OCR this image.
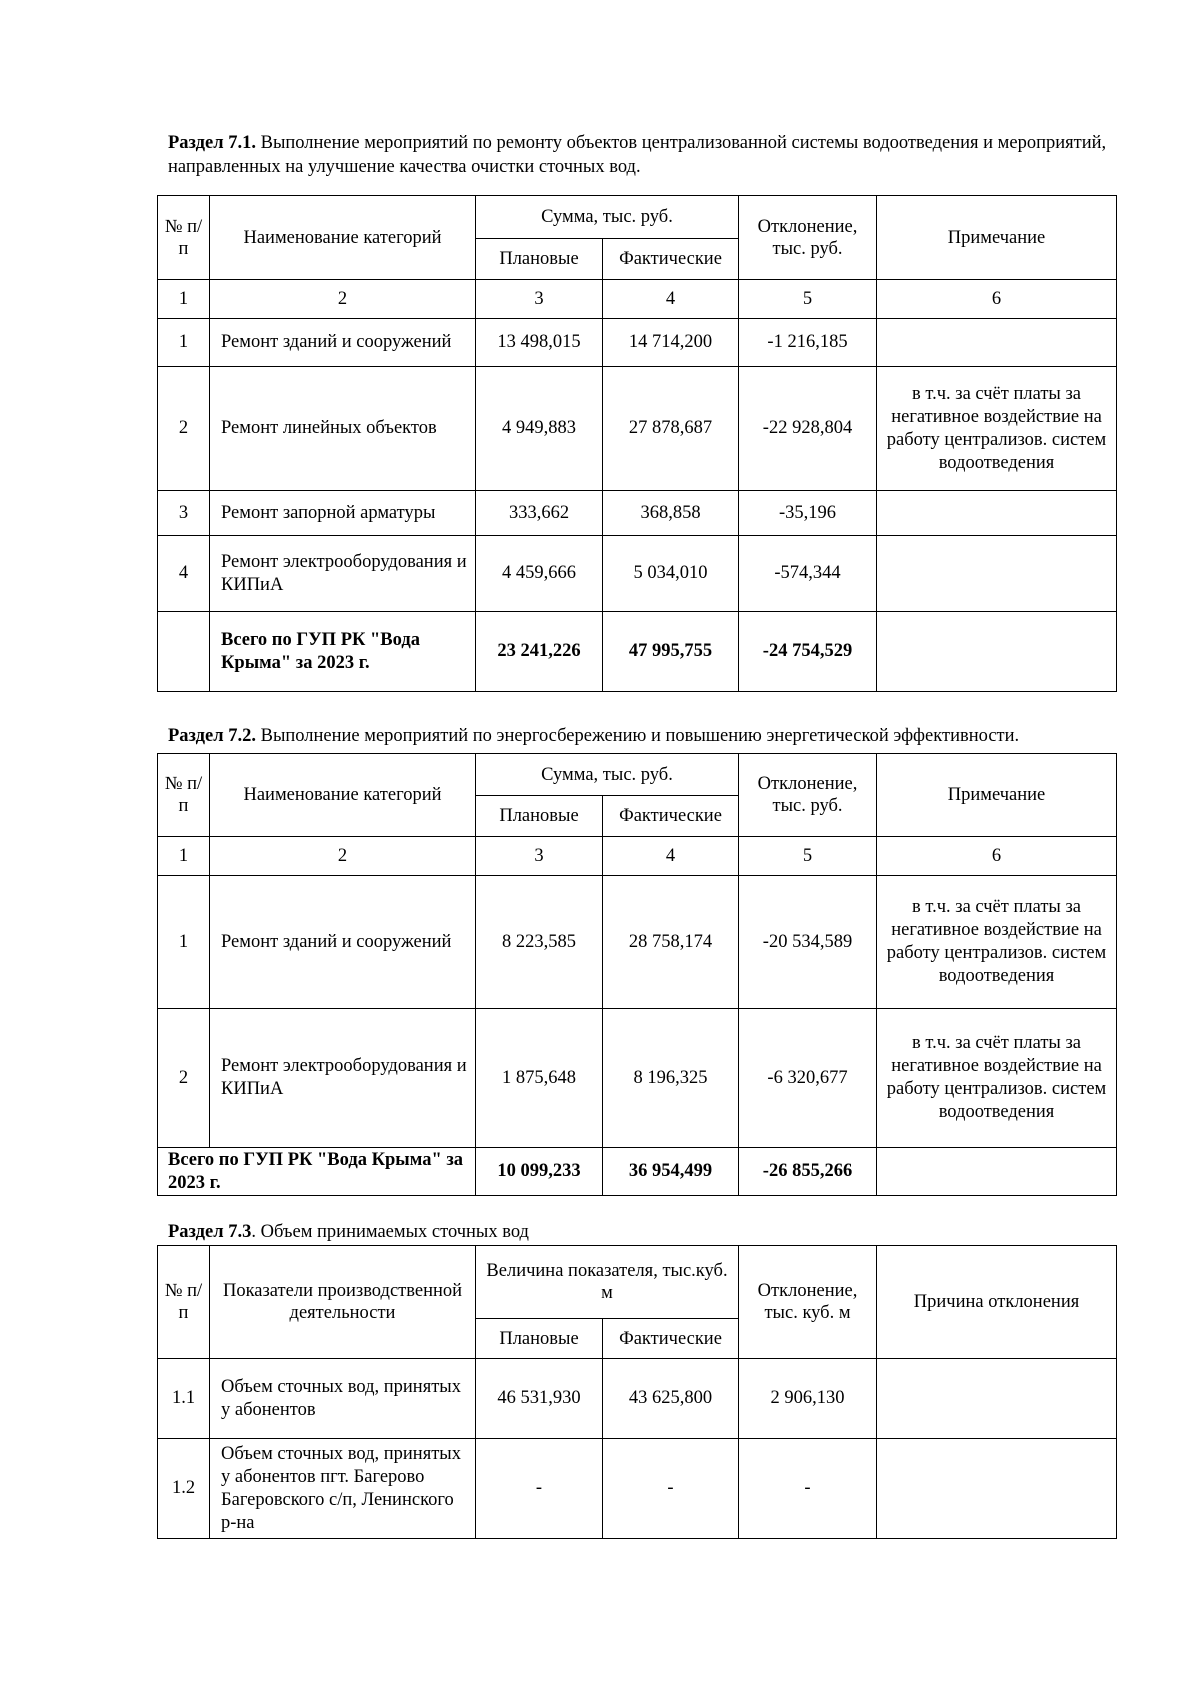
Раздел 7.1. Выполнение мероприятий по ремонту объектов централизованной системы водоотведения и мероприятий, направленных на улучшение качества очистки сточных вод.
№ п/п	Наименование категорий	Сумма, тыс. руб.		Отклонение, тыс. руб.	Примечание
		Плановые	Фактические		
1	2	3	4	5	6
1	Ремонт зданий и сооружений	13 498,015	14 714,200	-1 216,185	
2	Ремонт линейных объектов	4 949,883	27 878,687	-22 928,804	в т.ч. за счёт платы за негативное воздействие на работу централизов. систем водоотведения
3	Ремонт запорной арматуры	333,662	368,858	-35,196	
4	Ремонт электрооборудования и КИПиА	4 459,666	5 034,010	-574,344	
	Всего по ГУП РК "Вода Крыма" за 2023 г.	23 241,226	47 995,755	-24 754,529	
Раздел 7.2. Выполнение мероприятий по энергосбережению и повышению энергетической эффективности.
№ п/п	Наименование категорий	Сумма, тыс. руб.		Отклонение, тыс. руб.	Примечание
		Плановые	Фактические		
1	2	3	4	5	6
1	Ремонт зданий и сооружений	8 223,585	28 758,174	-20 534,589	в т.ч. за счёт платы за негативное воздействие на работу централизов. систем водоотведения
2	Ремонт электрооборудования и КИПиА	1 875,648	8 196,325	-6 320,677	в т.ч. за счёт платы за негативное воздействие на работу централизов. систем водоотведения
Всего по ГУП РК "Вода Крыма" за 2023 г.		10 099,233	36 954,499	-26 855,266	
Раздел 7.3. Объем принимаемых сточных вод
№ п/п	Показатели производственной деятельности	Величина показателя, тыс.куб. м		Отклонение, тыс. куб. м	Причина отклонения
		Плановые	Фактические		
1.1	Объем сточных вод, принятых у абонентов	46 531,930	43 625,800	2 906,130	
1.2	Объем сточных вод, принятых у абонентов пгт. Багерово Багеровского с/п, Ленинского р-на	-	-	-	
